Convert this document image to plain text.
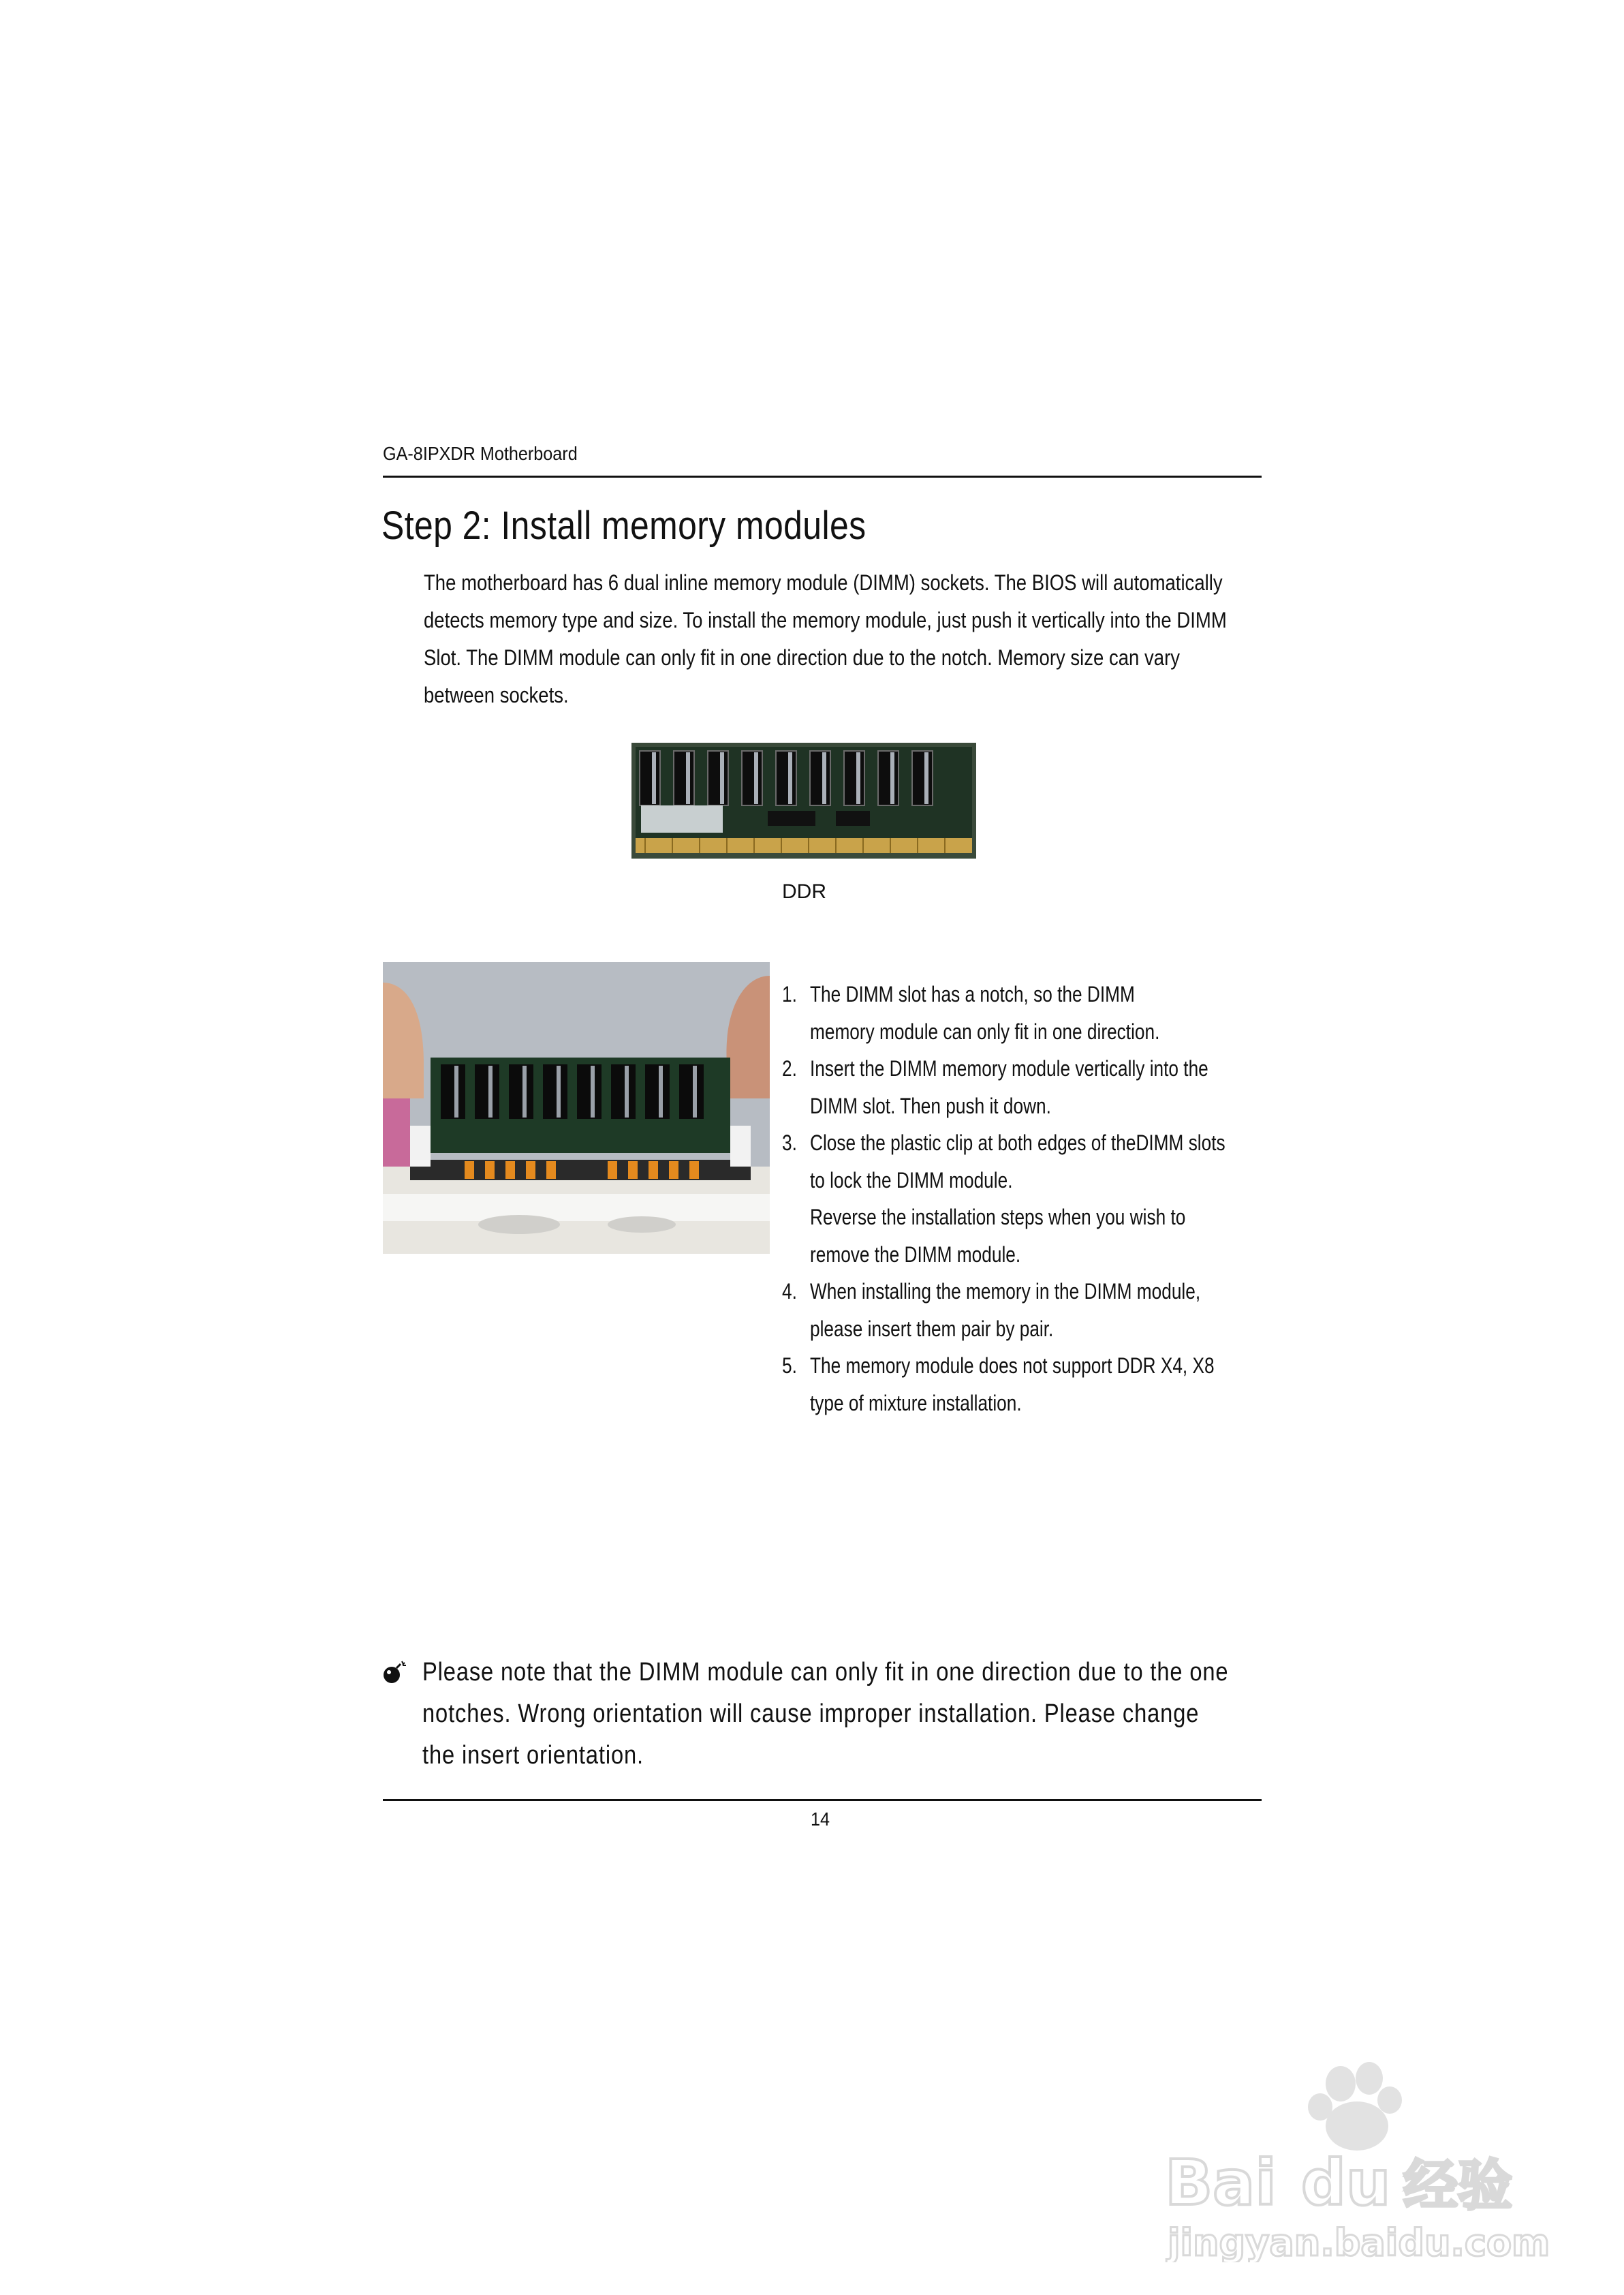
GA-8IPXDR Motherboard
Step 2: Install memory modules

The motherboard has 6 dual inline memory module (DIMM) sockets. The BIOS will automatically

detects memory type and size. To install the memory module, just push it vertically into the DIMM

Slot. The DIMM module can only fit in one direction due to the notch. Memory size can vary

between sockets.

DDR
1. The DIMM slot has a notch, so the DIMM
memory module can only fit in one direction.
2. Insert the DIMM memory module vertically into the
DIMM slot. Then push it down.
3. Close the plastic clip at both edges of theDIMM slots
to lock the DIMM module.
Reverse the installation steps when you wish to
remove the DIMM module.
4. When installing the memory in the DIMM module,
please insert them pair by pair.
5. The memory module does not support DDR X4, X8
type of mixture installation.

Please note that the DIMM module can only fit in one direction due to the one

notches. Wrong orientation will cause improper installation. Please change

the insert orientation.

14
Bai du 经验
jingyan.baidu.com
